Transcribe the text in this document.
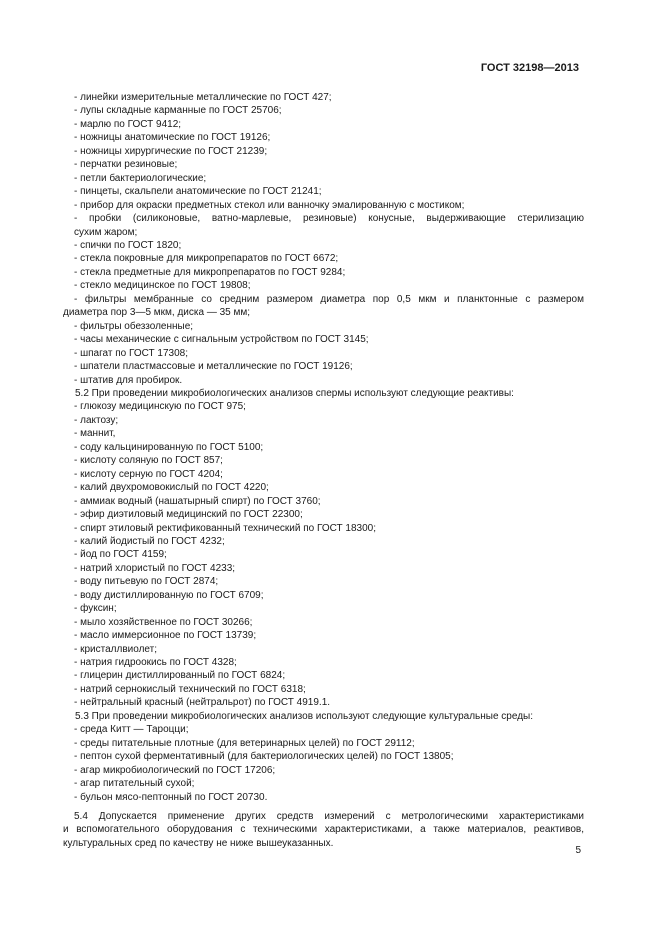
ГОСТ 32198—2013
- линейки измерительные металлические по ГОСТ 427;
- лупы складные карманные по ГОСТ 25706;
- марлю по ГОСТ 9412;
- ножницы анатомические по ГОСТ 19126;
- ножницы хирургические по ГОСТ 21239;
- перчатки резиновые;
- петли бактериологические;
- пинцеты, скальпели анатомические по ГОСТ 21241;
- прибор для окраски предметных стекол или ванночку эмалированную с мостиком;
- пробки (силиконовые, ватно-марлевые, резиновые) конусные, выдерживающие стерилизацию
сухим жаром;
- спички по ГОСТ 1820;
- стекла покровные для микропрепаратов по ГОСТ 6672;
- стекла предметные для микропрепаратов по ГОСТ 9284;
- стекло медицинское по ГОСТ 19808;
- фильтры мембранные со средним размером диаметра пор 0,5 мкм и планктонные с размером
диаметра пор 3—5 мкм, диска — 35 мм;
- фильтры обеззоленные;
- часы механические с сигнальным устройством по ГОСТ 3145;
- шпагат по ГОСТ 17308;
- шпатели пластмассовые и металлические по ГОСТ 19126;
- штатив для пробирок.
5.2 При проведении микробиологических анализов спермы используют следующие реактивы:
- глюкозу медицинскую по ГОСТ 975;
- лактозу;
- маннит,
- соду кальцинированную по ГОСТ 5100;
- кислоту соляную по ГОСТ 857;
- кислоту серную по ГОСТ 4204;
- калий двухромовокислый по ГОСТ 4220;
- аммиак водный (нашатырный спирт) по ГОСТ 3760;
- эфир диэтиловый медицинский по ГОСТ 22300;
- спирт этиловый ректификованный технический по ГОСТ 18300;
- калий йодистый по ГОСТ 4232;
- йод по ГОСТ 4159;
- натрий хлористый по ГОСТ 4233;
- воду питьевую по ГОСТ 2874;
- воду дистиллированную по ГОСТ 6709;
- фуксин;
- мыло хозяйственное по ГОСТ 30266;
- масло иммерсионное по ГОСТ 13739;
- кристаллвиолет;
- натрия гидроокись по ГОСТ 4328;
- глицерин дистиллированный по ГОСТ 6824;
- натрий сернокислый технический по ГОСТ 6318;
- нейтральный красный (нейтральрот) по ГОСТ 4919.1.
5.3 При проведении микробиологических анализов используют следующие культуральные среды:
- среда Китт — Тароцци;
- среды питательные плотные (для ветеринарных целей) по ГОСТ 29112;
- пептон сухой ферментативный (для бактериологических целей) по ГОСТ 13805;
- агар микробиологический по ГОСТ 17206;
- агар питательный сухой;
- бульон мясо-пептонный по ГОСТ 20730.
5.4 Допускается применение других средств измерений с метрологическими характеристиками
и вспомогательного оборудования с техническими характеристиками, а также материалов, реактивов,
культуральных сред по качеству не ниже вышеуказанных.
5
